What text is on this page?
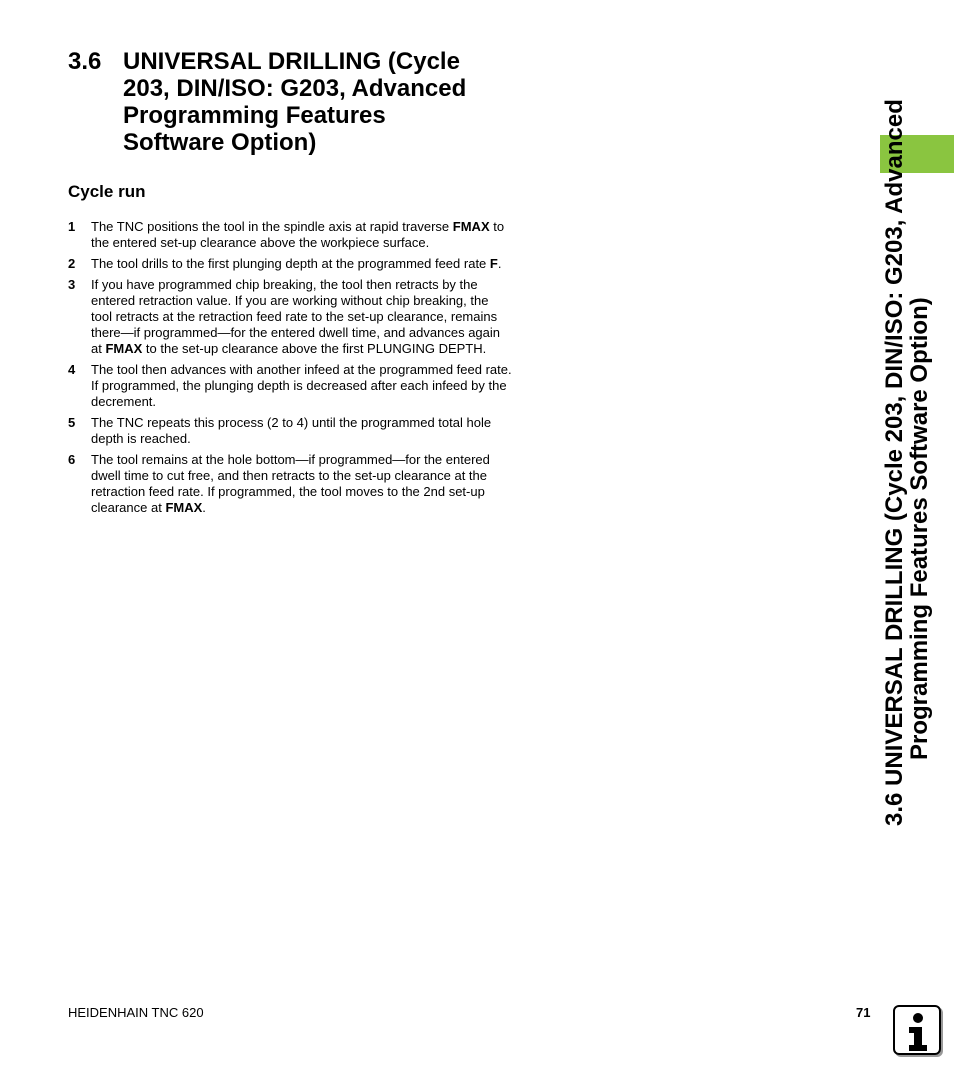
3.6 UNIVERSAL DRILLING (Cycle 203, DIN/ISO: G203, Advanced Programming Features Software Option)
Cycle run
1 The TNC positions the tool in the spindle axis at rapid traverse FMAX to the entered set-up clearance above the workpiece surface.
2 The tool drills to the first plunging depth at the programmed feed rate F.
3 If you have programmed chip breaking, the tool then retracts by the entered retraction value. If you are working without chip breaking, the tool retracts at the retraction feed rate to the set-up clearance, remains there—if programmed—for the entered dwell time, and advances again at FMAX to the set-up clearance above the first PLUNGING DEPTH.
4 The tool then advances with another infeed at the programmed feed rate. If programmed, the plunging depth is decreased after each infeed by the decrement.
5 The TNC repeats this process (2 to 4) until the programmed total hole depth is reached.
6 The tool remains at the hole bottom—if programmed—for the entered dwell time to cut free, and then retracts to the set-up clearance at the retraction feed rate. If programmed, the tool moves to the 2nd set-up clearance at FMAX.	3.6 UNIVERSAL DRILLING (Cycle 203, DIN/ISO: G203, Advanced
Programming Features Software Option)
HEIDENHAIN TNC 620	71
